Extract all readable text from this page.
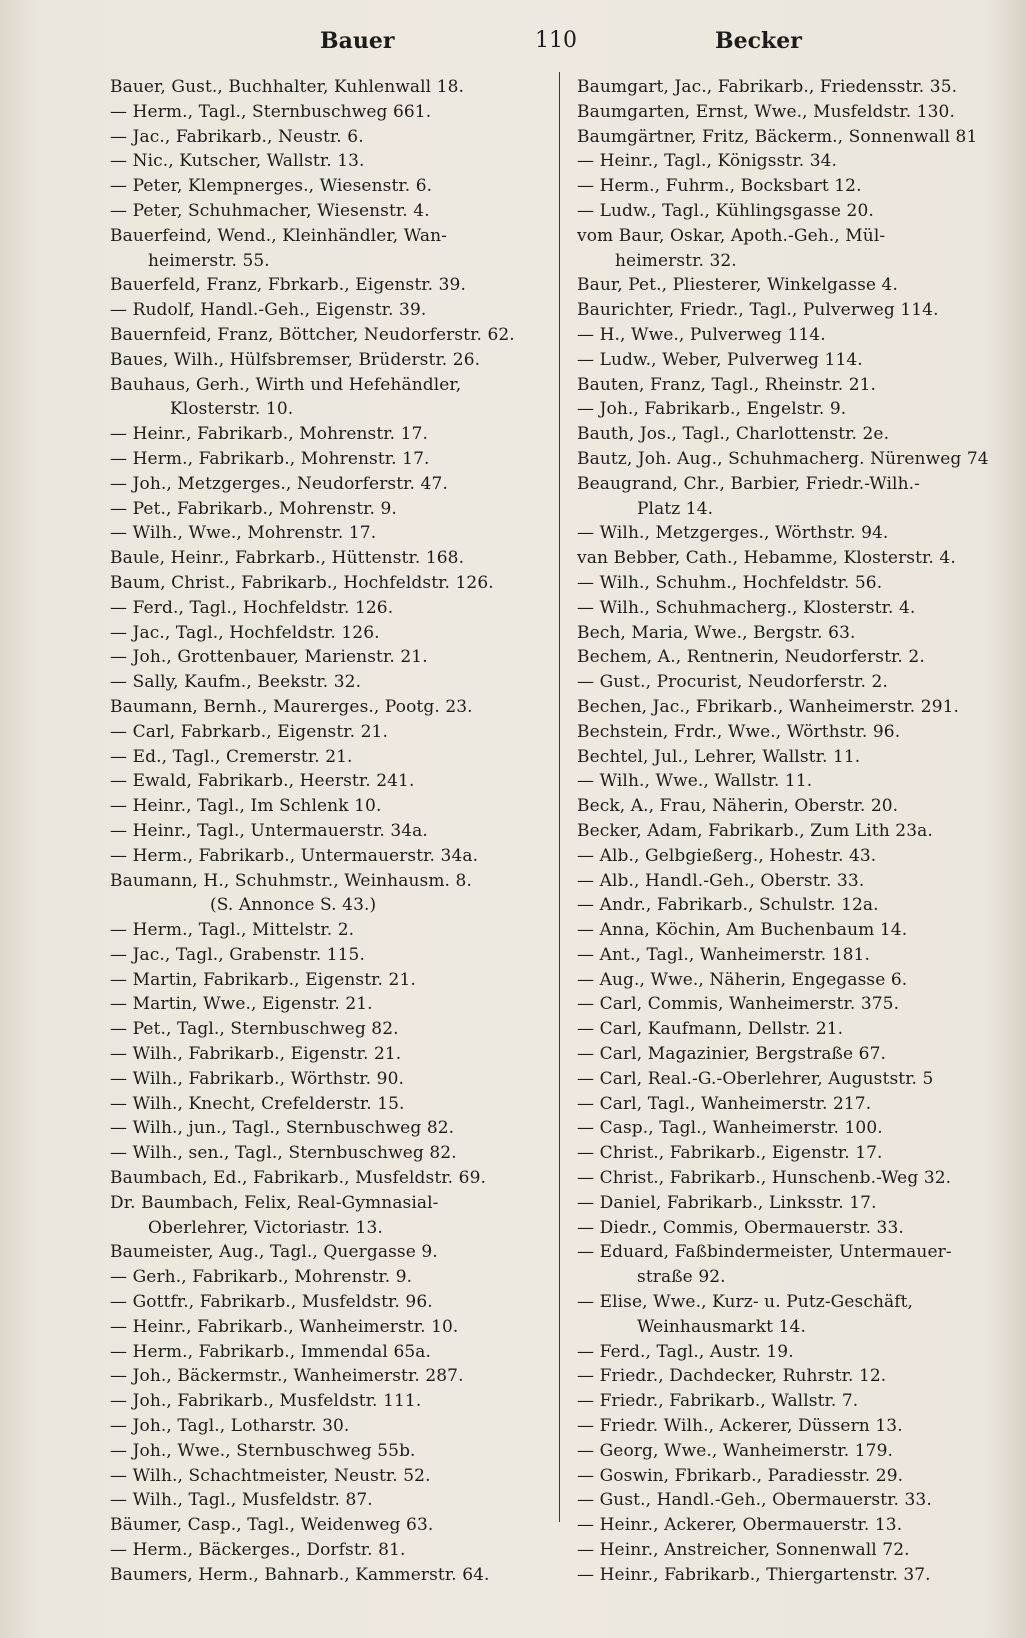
Bauer	110	Becker
Bauer, Gust., Buchhalter, Kuhlenwall 18.
— Herm., Tagl., Sternbuschweg 661.
— Jac., Fabrikarb., Neustr. 6.
— Nic., Kutscher, Wallstr. 13.
— Peter, Klempnerges., Wiesenstr. 6.
— Peter, Schuhmacher, Wiesenstr. 4.
Bauerfeind, Wend., Kleinhändler, Wan-
heimerstr. 55.
Bauerfeld, Franz, Fbrkarb., Eigenstr. 39.
— Rudolf, Handl.-Geh., Eigenstr. 39.
Bauernfeid, Franz, Böttcher, Neudorferstr. 62.
Baues, Wilh., Hülfsbremser, Brüderstr. 26.
Bauhaus, Gerh., Wirth und Hefehändler,
Klosterstr. 10.
— Heinr., Fabrikarb., Mohrenstr. 17.
— Herm., Fabrikarb., Mohrenstr. 17.
— Joh., Metzgerges., Neudorferstr. 47.
— Pet., Fabrikarb., Mohrenstr. 9.
— Wilh., Wwe., Mohrenstr. 17.
Baule, Heinr., Fabrkarb., Hüttenstr. 168.
Baum, Christ., Fabrikarb., Hochfeldstr. 126.
— Ferd., Tagl., Hochfeldstr. 126.
— Jac., Tagl., Hochfeldstr. 126.
— Joh., Grottenbauer, Marienstr. 21.
— Sally, Kaufm., Beekstr. 32.
Baumann, Bernh., Maurerges., Pootg. 23.
— Carl, Fabrkarb., Eigenstr. 21.
— Ed., Tagl., Cremerstr. 21.
— Ewald, Fabrikarb., Heerstr. 241.
— Heinr., Tagl., Im Schlenk 10.
— Heinr., Tagl., Untermauerstr. 34a.
— Herm., Fabrikarb., Untermauerstr. 34a.
Baumann, H., Schuhmstr., Weinhausm. 8.
(S. Annonce S. 43.)
— Herm., Tagl., Mittelstr. 2.
— Jac., Tagl., Grabenstr. 115.
— Martin, Fabrikarb., Eigenstr. 21.
— Martin, Wwe., Eigenstr. 21.
— Pet., Tagl., Sternbuschweg 82.
— Wilh., Fabrikarb., Eigenstr. 21.
— Wilh., Fabrikarb., Wörthstr. 90.
— Wilh., Knecht, Crefelderstr. 15.
— Wilh., jun., Tagl., Sternbuschweg 82.
— Wilh., sen., Tagl., Sternbuschweg 82.
Baumbach, Ed., Fabrikarb., Musfeldstr. 69.
Dr. Baumbach, Felix, Real-Gymnasial-
Oberlehrer, Victoriastr. 13.
Baumeister, Aug., Tagl., Quergasse 9.
— Gerh., Fabrikarb., Mohrenstr. 9.
— Gottfr., Fabrikarb., Musfeldstr. 96.
— Heinr., Fabrikarb., Wanheimerstr. 10.
— Herm., Fabrikarb., Immendal 65a.
— Joh., Bäckermstr., Wanheimerstr. 287.
— Joh., Fabrikarb., Musfeldstr. 111.
— Joh., Tagl., Lotharstr. 30.
— Joh., Wwe., Sternbuschweg 55b.
— Wilh., Schachtmeister, Neustr. 52.
— Wilh., Tagl., Musfeldstr. 87.
Bäumer, Casp., Tagl., Weidenweg 63.
— Herm., Bäckerges., Dorfstr. 81.
Baumers, Herm., Bahnarb., Kammerstr. 64.
Baumgart, Jac., Fabrikarb., Friedensstr. 35.
Baumgarten, Ernst, Wwe., Musfeldstr. 130.
Baumgärtner, Fritz, Bäckerm., Sonnenwall 81
— Heinr., Tagl., Königsstr. 34.
— Herm., Fuhrm., Bocksbart 12.
— Ludw., Tagl., Kühlingsgasse 20.
vom Baur, Oskar, Apoth.-Geh., Mül-
heimerstr. 32.
Baur, Pet., Pliesterer, Winkelgasse 4.
Baurichter, Friedr., Tagl., Pulverweg 114.
— H., Wwe., Pulverweg 114.
— Ludw., Weber, Pulverweg 114.
Bauten, Franz, Tagl., Rheinstr. 21.
— Joh., Fabrikarb., Engelstr. 9.
Bauth, Jos., Tagl., Charlottenstr. 2e.
Bautz, Joh. Aug., Schuhmacherg. Nürenweg 74
Beaugrand, Chr., Barbier, Friedr.-Wilh.-
Platz 14.
— Wilh., Metzgerges., Wörthstr. 94.
van Bebber, Cath., Hebamme, Klosterstr. 4.
— Wilh., Schuhm., Hochfeldstr. 56.
— Wilh., Schuhmacherg., Klosterstr. 4.
Bech, Maria, Wwe., Bergstr. 63.
Bechem, A., Rentnerin, Neudorferstr. 2.
— Gust., Procurist, Neudorferstr. 2.
Bechen, Jac., Fbrikarb., Wanheimerstr. 291.
Bechstein, Frdr., Wwe., Wörthstr. 96.
Bechtel, Jul., Lehrer, Wallstr. 11.
— Wilh., Wwe., Wallstr. 11.
Beck, A., Frau, Näherin, Oberstr. 20.
Becker, Adam, Fabrikarb., Zum Lith 23a.
— Alb., Gelbgießerg., Hohestr. 43.
— Alb., Handl.-Geh., Oberstr. 33.
— Andr., Fabrikarb., Schulstr. 12a.
— Anna, Köchin, Am Buchenbaum 14.
— Ant., Tagl., Wanheimerstr. 181.
— Aug., Wwe., Näherin, Engegasse 6.
— Carl, Commis, Wanheimerstr. 375.
— Carl, Kaufmann, Dellstr. 21.
— Carl, Magazinier, Bergstraße 67.
— Carl, Real.-G.-Oberlehrer, Auguststr. 5
— Carl, Tagl., Wanheimerstr. 217.
— Casp., Tagl., Wanheimerstr. 100.
— Christ., Fabrikarb., Eigenstr. 17.
— Christ., Fabrikarb., Hunschenb.-Weg 32.
— Daniel, Fabrikarb., Linksstr. 17.
— Diedr., Commis, Obermauerstr. 33.
— Eduard, Faßbindermeister, Untermauer-
straße 92.
— Elise, Wwe., Kurz- u. Putz-Geschäft,
Weinhausmarkt 14.
— Ferd., Tagl., Austr. 19.
— Friedr., Dachdecker, Ruhrstr. 12.
— Friedr., Fabrikarb., Wallstr. 7.
— Friedr. Wilh., Ackerer, Düssern 13.
— Georg, Wwe., Wanheimerstr. 179.
— Goswin, Fbrikarb., Paradiesstr. 29.
— Gust., Handl.-Geh., Obermauerstr. 33.
— Heinr., Ackerer, Obermauerstr. 13.
— Heinr., Anstreicher, Sonnenwall 72.
— Heinr., Fabrikarb., Thiergartenstr. 37.
